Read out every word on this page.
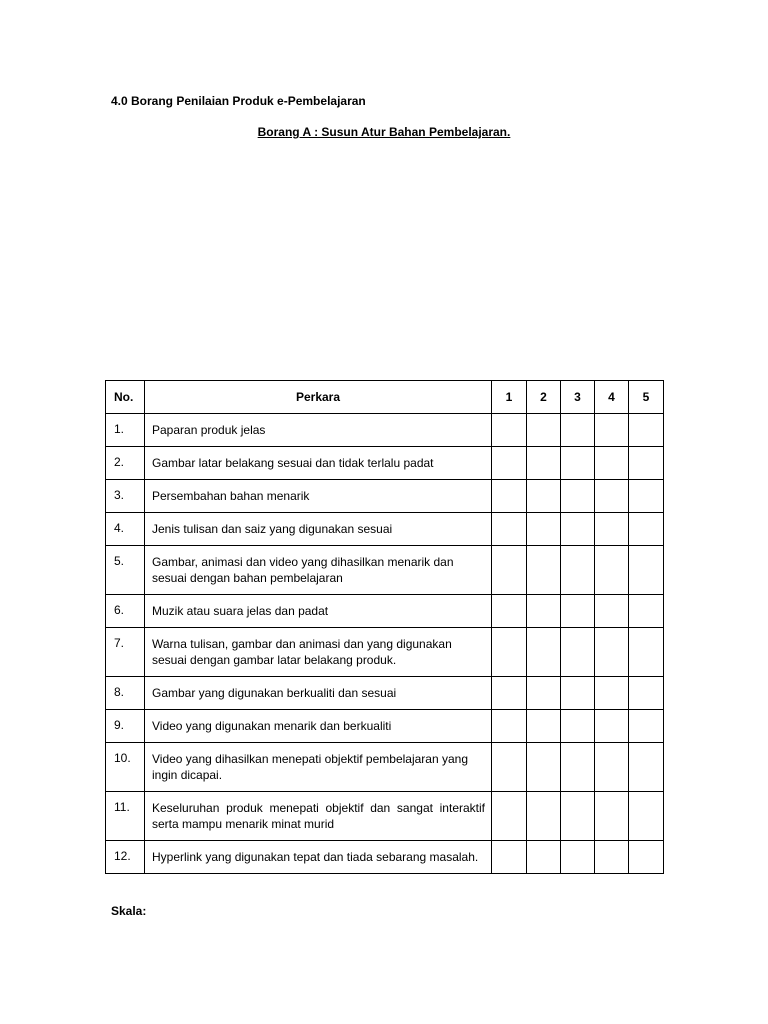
4.0 Borang Penilaian Produk e-Pembelajaran

Borang A : Susun Atur Bahan Pembelajaran.

No.	Perkara	1	2	3	4	5
1.	Paparan produk jelas					
2.	Gambar latar belakang sesuai dan tidak terlalu padat					
3.	Persembahan bahan menarik					
4.	Jenis tulisan dan saiz yang digunakan sesuai					
5.	Gambar, animasi dan video yang dihasilkan menarik dan sesuai dengan bahan pembelajaran					
6.	Muzik atau suara jelas dan padat					
7.	Warna tulisan, gambar dan animasi dan yang digunakan sesuai dengan gambar latar belakang produk.					
8.	Gambar yang digunakan berkualiti dan sesuai					
9.	Video yang digunakan menarik dan berkualiti					
10.	Video yang dihasilkan menepati objektif pembelajaran yang ingin dicapai.					
11.	Keseluruhan produk menepati objektif dan sangat interaktif serta mampu menarik minat murid					
12.	Hyperlink yang digunakan tepat dan tiada sebarang masalah.					

Skala:
